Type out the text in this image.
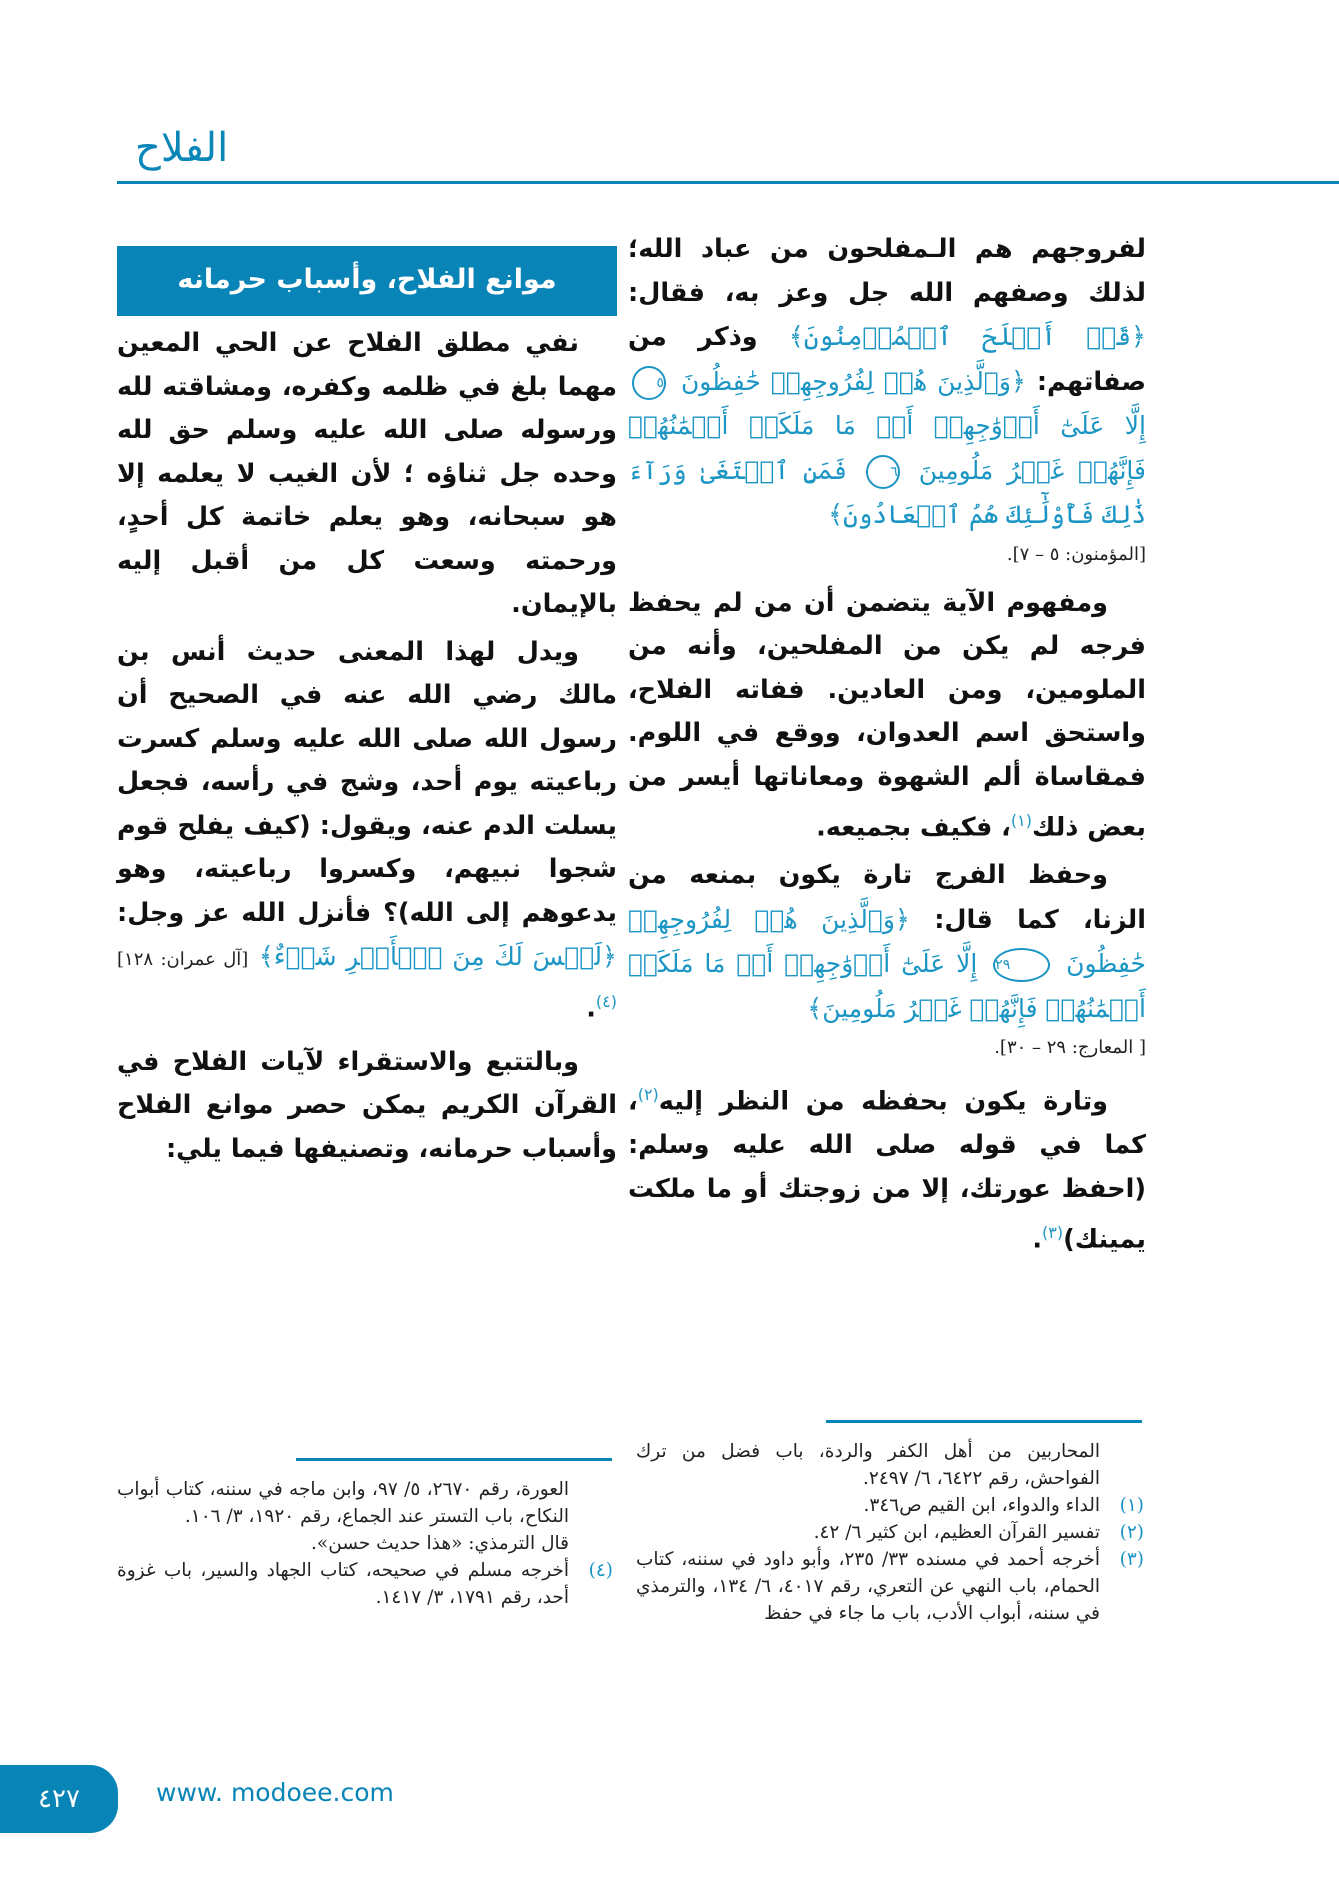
الفلاح

لفروجهم هم الـمفلحون من عباد الله؛ لذلك وصفهم الله جل وعز به، فقال: ﴿قَدۡ أَفۡلَحَ ٱلۡمُؤۡمِنُونَ﴾ وذكر من صفاتهم: ﴿وَٱلَّذِينَ هُمۡ لِفُرُوجِهِمۡ حَٰفِظُونَ ٥ إِلَّا عَلَىٰٓ أَزۡوَٰجِهِمۡ أَوۡ مَا مَلَكَتۡ أَيۡمَٰنُهُمۡ فَإِنَّهُمۡ غَيۡرُ مَلُومِينَ ٦ فَمَنِ ٱبۡتَغَىٰ وَرَآءَ ذَٰلِكَ فَأُوْلَٰٓئِكَ هُمُ ٱلۡعَادُونَ﴾

[المؤمنون: ٥ – ٧].

ومفهوم الآية يتضمن أن من لم يحفظ فرجه لم يكن من المفلحين، وأنه من الملومين، ومن العادين. ففاته الفلاح، واستحق اسم العدوان، ووقع في اللوم. فمقاساة ألم الشهوة ومعاناتها أيسر من بعض ذلك$^{(١)}$، فكيف بجميعه.

وحفظ الفرج تارة يكون بمنعه من الزنا، كما قال: ﴿وَٱلَّذِينَ هُمۡ لِفُرُوجِهِمۡ حَٰفِظُونَ ٢٩ إِلَّا عَلَىٰٓ أَزۡوَٰجِهِمۡ أَوۡ مَا مَلَكَتۡ أَيۡمَٰنُهُمۡ فَإِنَّهُمۡ غَيۡرُ مَلُومِينَ﴾

[ المعارج: ٢٩ – ٣٠].

وتارة يكون بحفظه من النظر إليه$^{(٢)}$، كما في قوله صلى الله عليه وسلم: (احفظ عورتك، إلا من زوجتك أو ما ملكت يمينك)$^{(٣)}$.

موانع الفلاح، وأسباب حرمانه

نفي مطلق الفلاح عن الحي المعين مهما بلغ في ظلمه وكفره، ومشاقته لله ورسوله صلى الله عليه وسلم حق لله وحده جل ثناؤه ؛ لأن الغيب لا يعلمه إلا هو سبحانه، وهو يعلم خاتمة كل أحدٍ، ورحمته وسعت كل من أقبل إليه بالإيمان.

ويدل لهذا المعنى حديث أنس بن مالك رضي الله عنه في الصحيح أن رسول الله صلى الله عليه وسلم كسرت رباعيته يوم أحد، وشج في رأسه، فجعل يسلت الدم عنه، ويقول: (كيف يفلح قوم شجوا نبيهم، وكسروا رباعيته، وهو يدعوهم إلى الله)؟ فأنزل الله عز وجل: ﴿لَيۡسَ لَكَ مِنَ ٱلۡأَمۡرِ شَيۡءٌ﴾ [آل عمران: ١٢٨]$^{(٤)}$.

وبالتتبع والاستقراء لآيات الفلاح في القرآن الكريم يمكن حصر موانع الفلاح وأسباب حرمانه، وتصنيفها فيما يلي:

المحاربين من أهل الكفر والردة، باب فضل من ترك الفواحش، رقم ٦٤٢٢، ٦/ ٢٤٩٧.

(١)
الداء والدواء، ابن القيم ص٣٤٦.
(٢)
تفسير القرآن العظيم، ابن كثير ٦/ ٤٢.
(٣)
أخرجه أحمد في مسنده ٣٣/ ٢٣٥، وأبو داود في سننه، كتاب الحمام، باب النهي عن التعري، رقم ٤٠١٧، ٦/ ١٣٤، والترمذي في سننه، أبواب الأدب، باب ما جاء في حفظ

العورة، رقم ٢٦٧٠، ٥/ ٩٧، وابن ماجه في سننه، كتاب أبواب النكاح، باب التستر عند الجماع، رقم ١٩٢٠، ٣/ ١٠٦.

قال الترمذي: «هذا حديث حسن».

(٤)
أخرجه مسلم في صحيحه، كتاب الجهاد والسير، باب غزوة أحد، رقم ١٧٩١، ٣/ ١٤١٧.
٤٢٧	www. modoee.com
